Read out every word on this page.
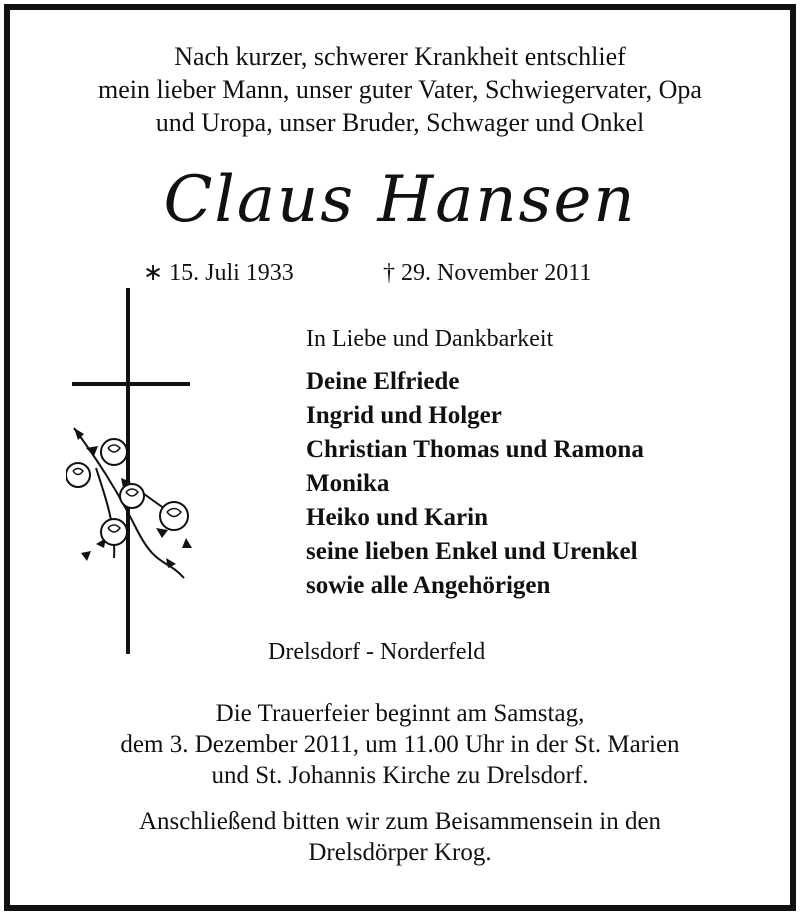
Nach kurzer, schwerer Krankheit entschlief
mein lieber Mann, unser guter Vater, Schwiegervater, Opa
und Uropa, unser Bruder, Schwager und Onkel
Claus Hansen
∗ 15. Juli 1933	† 29. November 2011
In Liebe und Dankbarkeit
Deine Elfriede
Ingrid und Holger
Christian Thomas und Ramona
Monika
Heiko und Karin
seine lieben Enkel und Urenkel
sowie alle Angehörigen
Drelsdorf - Norderfeld
Die Trauerfeier beginnt am Samstag,
dem 3. Dezember 2011, um 11.00 Uhr in der St. Marien
und St. Johannis Kirche zu Drelsdorf.
Anschließend bitten wir zum Beisammensein in den
Drelsdörper Krog.
